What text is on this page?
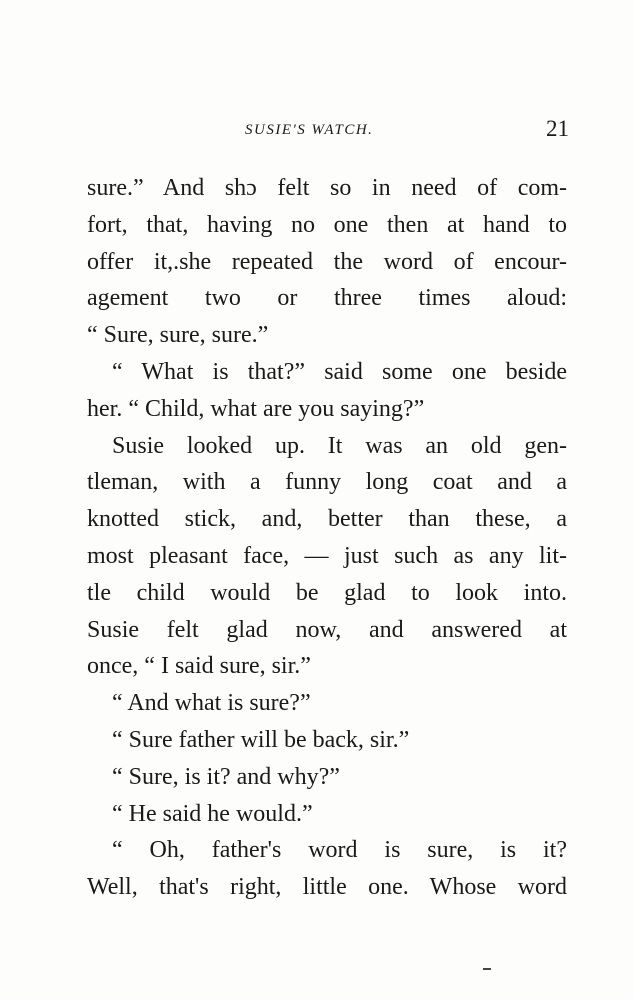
SUSIE'S WATCH.	21
sure.” And shɔ felt so in need of com-
fort, that, having no one then at hand to
offer it,.she repeated the word of encour-
agement two or three times aloud:
“ Sure, sure, sure.”
“ What is that?” said some one beside
her. “ Child, what are you saying?”
Susie looked up. It was an old gen-
tleman, with a funny long coat and a
knotted stick, and, better than these, a
most pleasant face, — just such as any lit-
tle child would be glad to look into.
Susie felt glad now, and answered at
once, “ I said sure, sir.”
“ And what is sure?”
“ Sure father will be back, sir.”
“ Sure, is it? and why?”
“ He said he would.”
“ Oh, father's word is sure, is it?
Well, that's right, little one. Whose word
